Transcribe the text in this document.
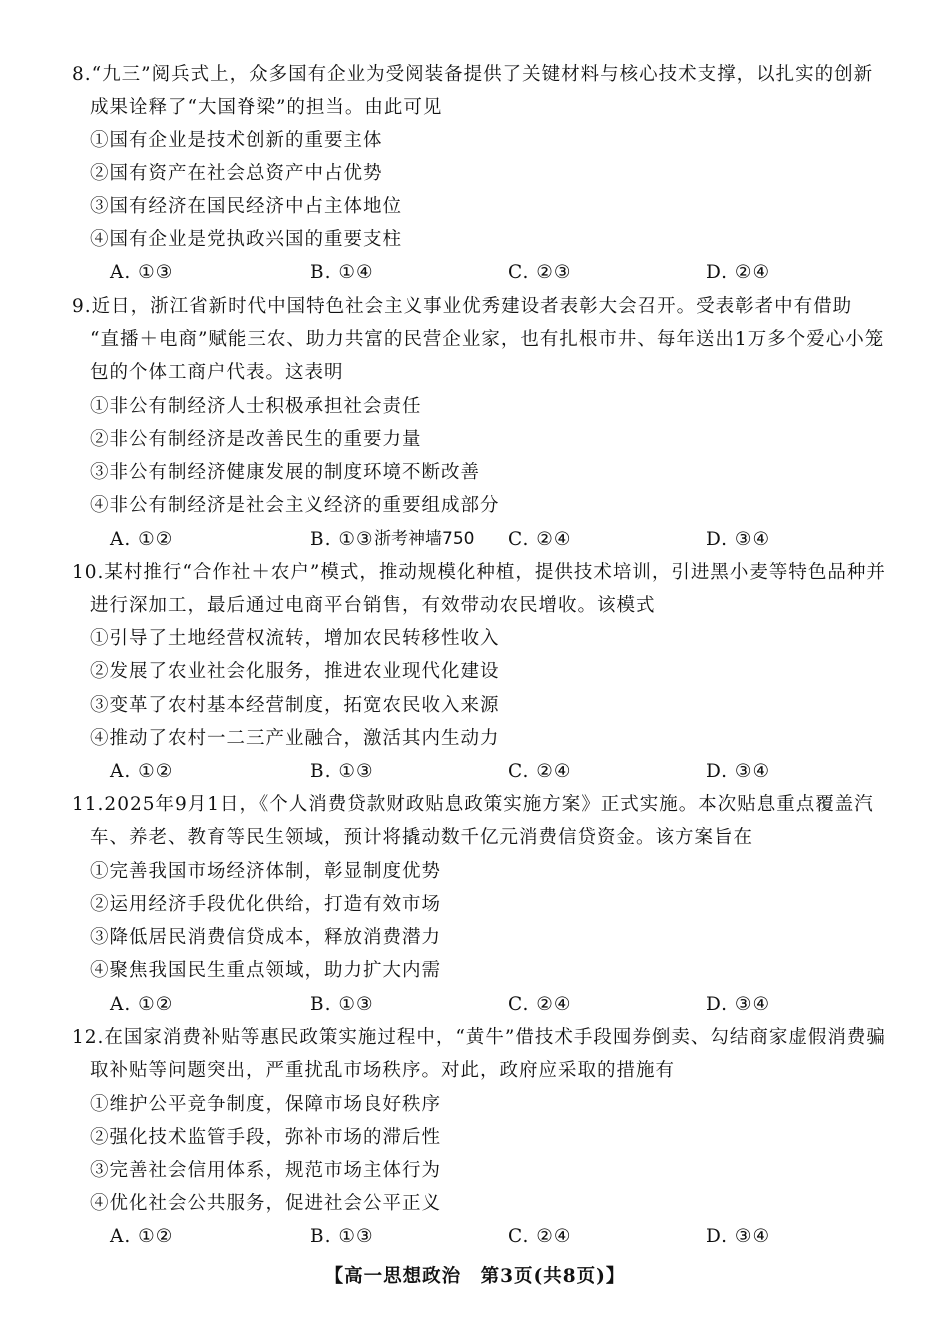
8.“九三”阅兵式上，众多国有企业为受阅装备提供了关键材料与核心技术支撑，以扎实的创新
成果诠释了“大国脊梁”的担当。由此可见
①国有企业是技术创新的重要主体
②国有资产在社会总资产中占优势
③国有经济在国民经济中占主体地位
④国有企业是党执政兴国的重要支柱
A. ①③	B. ①④	C. ②③	D. ②④
9.近日，浙江省新时代中国特色社会主义事业优秀建设者表彰大会召开。受表彰者中有借助
“直播＋电商”赋能三农、助力共富的民营企业家，也有扎根市井、每年送出1万多个爱心小笼
包的个体工商户代表。这表明
①非公有制经济人士积极承担社会责任
②非公有制经济是改善民生的重要力量
③非公有制经济健康发展的制度环境不断改善
④非公有制经济是社会主义经济的重要组成部分
A. ①②	B. ①③ 浙考神墙750 C. ②④	D. ③④
10.某村推行“合作社＋农户”模式，推动规模化种植，提供技术培训，引进黑小麦等特色品种并
进行深加工，最后通过电商平台销售，有效带动农民增收。该模式
①引导了土地经营权流转，增加农民转移性收入
②发展了农业社会化服务，推进农业现代化建设
③变革了农村基本经营制度，拓宽农民收入来源
④推动了农村一二三产业融合，激活其内生动力
A. ①②	B. ①③	C. ②④	D. ③④
11.2025年9月1日，《个人消费贷款财政贴息政策实施方案》正式实施。本次贴息重点覆盖汽
车、养老、教育等民生领域，预计将撬动数千亿元消费信贷资金。该方案旨在
①完善我国市场经济体制，彰显制度优势
②运用经济手段优化供给，打造有效市场
③降低居民消费信贷成本，释放消费潜力
④聚焦我国民生重点领域，助力扩大内需
A. ①②	B. ①③	C. ②④	D. ③④
12.在国家消费补贴等惠民政策实施过程中，“黄牛”借技术手段囤券倒卖、勾结商家虚假消费骗
取补贴等问题突出，严重扰乱市场秩序。对此，政府应采取的措施有
①维护公平竞争制度，保障市场良好秩序
②强化技术监管手段，弥补市场的滞后性
③完善社会信用体系，规范市场主体行为
④优化社会公共服务，促进社会公平正义
A. ①②	B. ①③	C. ②④	D. ③④
【高一思想政治　第3页(共8页)】
